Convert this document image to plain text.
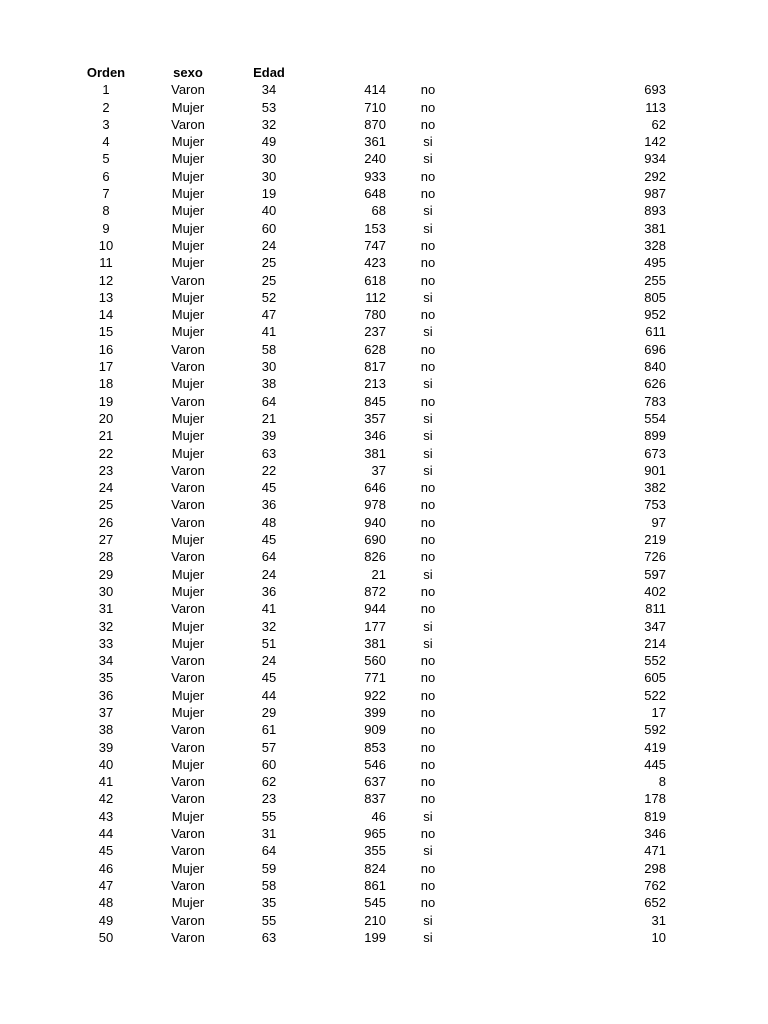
Orden	sexo	Edad
1	Varon	34	414	no	693
2	Mujer	53	710	no	113
3	Varon	32	870	no	62
4	Mujer	49	361	si	142
5	Mujer	30	240	si	934
6	Mujer	30	933	no	292
7	Mujer	19	648	no	987
8	Mujer	40	68	si	893
9	Mujer	60	153	si	381
10	Mujer	24	747	no	328
11	Mujer	25	423	no	495
12	Varon	25	618	no	255
13	Mujer	52	112	si	805
14	Mujer	47	780	no	952
15	Mujer	41	237	si	611
16	Varon	58	628	no	696
17	Varon	30	817	no	840
18	Mujer	38	213	si	626
19	Varon	64	845	no	783
20	Mujer	21	357	si	554
21	Mujer	39	346	si	899
22	Mujer	63	381	si	673
23	Varon	22	37	si	901
24	Varon	45	646	no	382
25	Varon	36	978	no	753
26	Varon	48	940	no	97
27	Mujer	45	690	no	219
28	Varon	64	826	no	726
29	Mujer	24	21	si	597
30	Mujer	36	872	no	402
31	Varon	41	944	no	811
32	Mujer	32	177	si	347
33	Mujer	51	381	si	214
34	Varon	24	560	no	552
35	Varon	45	771	no	605
36	Mujer	44	922	no	522
37	Mujer	29	399	no	17
38	Varon	61	909	no	592
39	Varon	57	853	no	419
40	Mujer	60	546	no	445
41	Varon	62	637	no	8
42	Varon	23	837	no	178
43	Mujer	55	46	si	819
44	Varon	31	965	no	346
45	Varon	64	355	si	471
46	Mujer	59	824	no	298
47	Varon	58	861	no	762
48	Mujer	35	545	no	652
49	Varon	55	210	si	31
50	Varon	63	199	si	10
